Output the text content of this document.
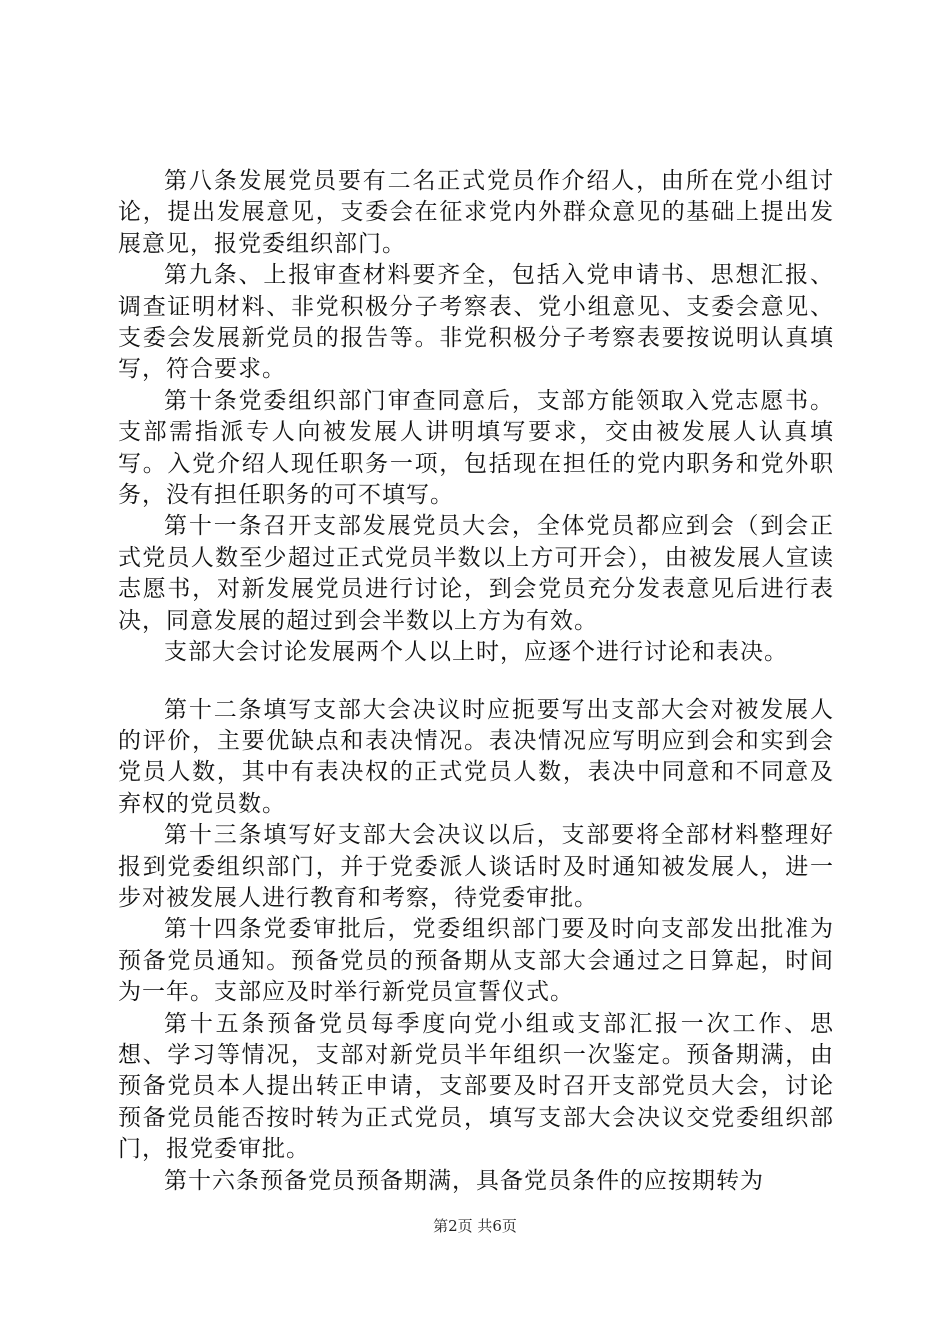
第八条发展党员要有二名正式党员作介绍人，由所在党小组讨论，提出发展意见，支委会在征求党内外群众意见的基础上提出发展意见，报党委组织部门。

第九条、上报审查材料要齐全，包括入党申请书、思想汇报、调查证明材料、非党积极分子考察表、党小组意见、支委会意见、支委会发展新党员的报告等。非党积极分子考察表要按说明认真填写，符合要求。

第十条党委组织部门审查同意后，支部方能领取入党志愿书。支部需指派专人向被发展人讲明填写要求，交由被发展人认真填写。入党介绍人现任职务一项，包括现在担任的党内职务和党外职务，没有担任职务的可不填写。

第十一条召开支部发展党员大会，全体党员都应到会（到会正式党员人数至少超过正式党员半数以上方可开会），由被发展人宣读志愿书，对新发展党员进行讨论，到会党员充分发表意见后进行表决，同意发展的超过到会半数以上方为有效。

支部大会讨论发展两个人以上时，应逐个进行讨论和表决。

第十二条填写支部大会决议时应扼要写出支部大会对被发展人的评价，主要优缺点和表决情况。表决情况应写明应到会和实到会党员人数，其中有表决权的正式党员人数，表决中同意和不同意及弃权的党员数。

第十三条填写好支部大会决议以后，支部要将全部材料整理好报到党委组织部门，并于党委派人谈话时及时通知被发展人，进一步对被发展人进行教育和考察，待党委审批。

第十四条党委审批后，党委组织部门要及时向支部发出批准为预备党员通知。预备党员的预备期从支部大会通过之日算起，时间为一年。支部应及时举行新党员宣誓仪式。

第十五条预备党员每季度向党小组或支部汇报一次工作、思想、学习等情况，支部对新党员半年组织一次鉴定。预备期满，由预备党员本人提出转正申请，支部要及时召开支部党员大会，讨论预备党员能否按时转为正式党员，填写支部大会决议交党委组织部门，报党委审批。

第十六条预备党员预备期满，具备党员条件的应按期转为

第2页 共6页
